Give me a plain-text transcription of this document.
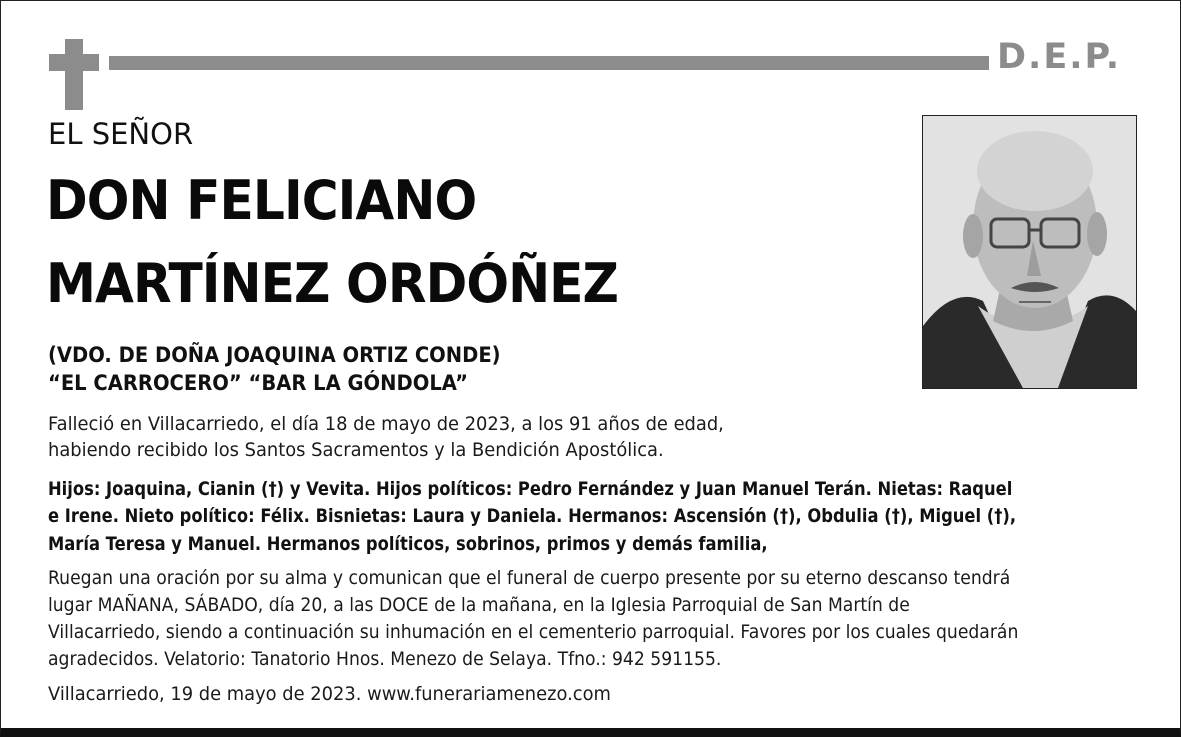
D.E.P.
EL SEÑOR
DON FELICIANO
MARTÍNEZ ORDÓÑEZ
(VDO. DE DOÑA JOAQUINA ORTIZ CONDE)
“EL CARROCERO” “BAR LA GÓNDOLA”
Falleció en Villacarriedo, el día 18 de mayo de 2023, a los 91 años de edad,
habiendo recibido los Santos Sacramentos y la Bendición Apostólica.
Hijos: Joaquina, Cianin (†) y Vevita. Hijos políticos: Pedro Fernández y Juan Manuel Terán. Nietas: Raquel
e Irene. Nieto político: Félix. Bisnietas: Laura y Daniela. Hermanos: Ascensión (†), Obdulia (†), Miguel (†),
María Teresa y Manuel. Hermanos políticos, sobrinos, primos y demás familia,
Ruegan una oración por su alma y comunican que el funeral de cuerpo presente por su eterno descanso tendrá
lugar MAÑANA, SÁBADO, día 20, a las DOCE de la mañana, en la Iglesia Parroquial de San Martín de
Villacarriedo, siendo a continuación su inhumación en el cementerio parroquial. Favores por los cuales quedarán
agradecidos. Velatorio: Tanatorio Hnos. Menezo de Selaya. Tfno.: 942 591155.
Villacarriedo, 19 de mayo de 2023. www.funerariamenezo.com
